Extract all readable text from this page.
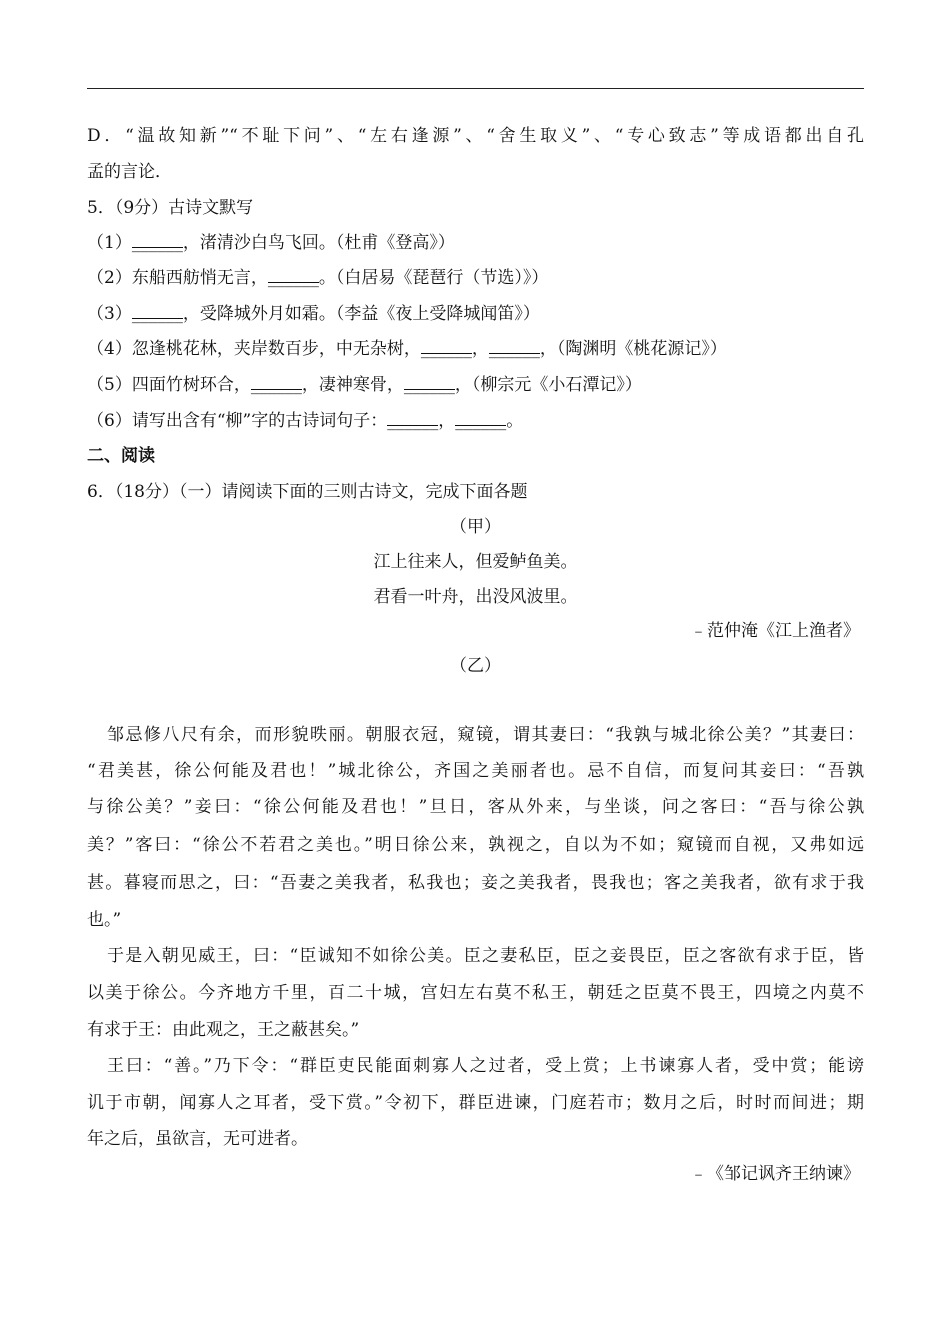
D．“温故知新”“不耻下问”、“左右逢源”、“舍生取义”、“专心致志”等成语都出自孔
孟的言论．
5．（9分）古诗文默写
（1）______，渚清沙白鸟飞回。（杜甫《登高》）
（2）东船西舫悄无言，______。（白居易《琵琶行（节选）》）
（3）______，受降城外月如霜。（李益《夜上受降城闻笛》）
（4）忽逢桃花林，夹岸数百步，中无杂树，______，______，（陶渊明《桃花源记》）
（5）四面竹树环合，______，凄神寒骨，______，（柳宗元《小石潭记》）
（6）请写出含有“柳”字的古诗词句子：______，______。
二、阅读
6．（18分）（一）请阅读下面的三则古诗文，完成下面各题
（甲）
江上往来人，但爱鲈鱼美。
君看一叶舟，出没风波里。
﹣范仲淹《江上渔者》
（乙）
邹忌修八尺有余，而形貌昳丽。朝服衣冠，窥镜，谓其妻曰：“我孰与城北徐公美？”其妻曰：
“君美甚，徐公何能及君也！”城北徐公，齐国之美丽者也。忌不自信，而复问其妾曰：“吾孰
与徐公美？”妾曰：“徐公何能及君也！”旦日，客从外来，与坐谈，问之客曰：“吾与徐公孰
美？”客曰：“徐公不若君之美也。”明日徐公来，孰视之，自以为不如；窥镜而自视，又弗如远
甚。暮寝而思之，曰：“吾妻之美我者，私我也；妾之美我者，畏我也；客之美我者，欲有求于我
也。”
于是入朝见威王，曰：“臣诚知不如徐公美。臣之妻私臣，臣之妾畏臣，臣之客欲有求于臣，皆
以美于徐公。今齐地方千里，百二十城，宫妇左右莫不私王，朝廷之臣莫不畏王，四境之内莫不
有求于王：由此观之，王之蔽甚矣。”
王曰：“善。”乃下令：“群臣吏民能面刺寡人之过者，受上赏；上书谏寡人者，受中赏；能谤
讥于市朝，闻寡人之耳者，受下赏。”令初下，群臣进谏，门庭若市；数月之后，时时而间进；期
年之后，虽欲言，无可进者。
﹣《邹记讽齐王纳谏》
